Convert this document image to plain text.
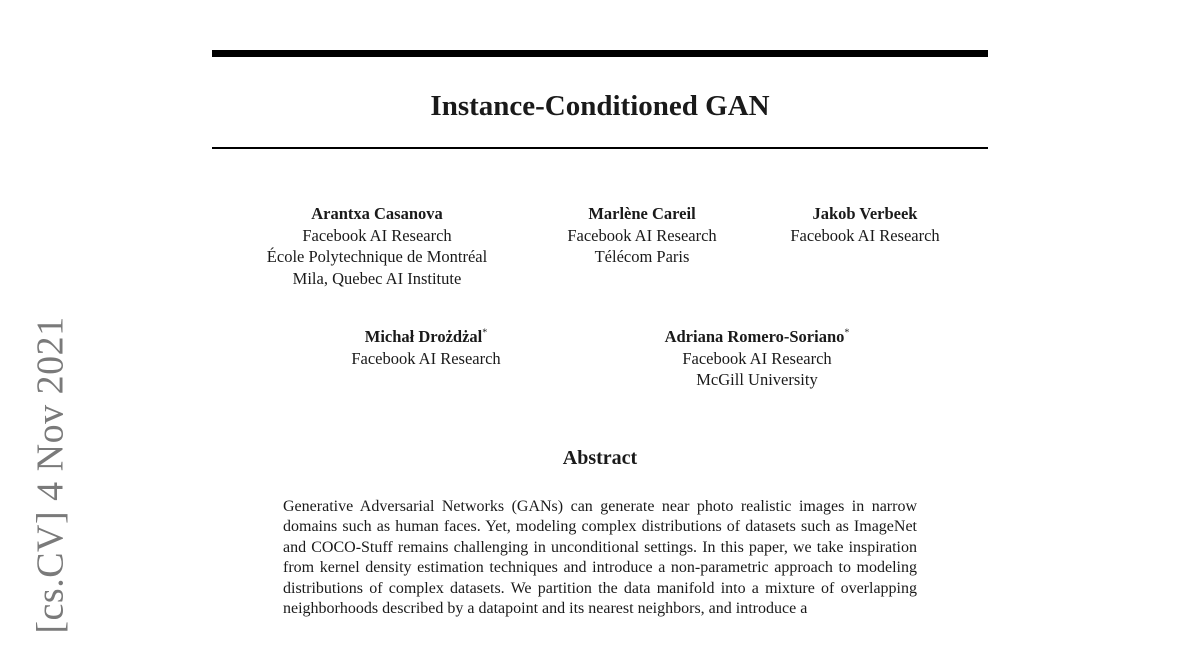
[cs.CV] 4 Nov 2021
Instance-Conditioned GAN
Arantxa Casanova
Facebook AI Research
École Polytechnique de Montréal
Mila, Quebec AI Institute
Marlène Careil
Facebook AI Research
Télécom Paris
Jakob Verbeek
Facebook AI Research
Michał Drożdżal*
Facebook AI Research
Adriana Romero-Soriano*
Facebook AI Research
McGill University
Abstract

Generative Adversarial Networks (GANs) can generate near photo realistic images in narrow domains such as human faces. Yet, modeling complex distributions of datasets such as ImageNet and COCO-Stuff remains challenging in unconditional settings. In this paper, we take inspiration from kernel density estimation techniques and introduce a non-parametric approach to modeling distributions of complex datasets. We partition the data manifold into a mixture of overlapping neighborhoods described by a datapoint and its nearest neighbors, and introduce a
